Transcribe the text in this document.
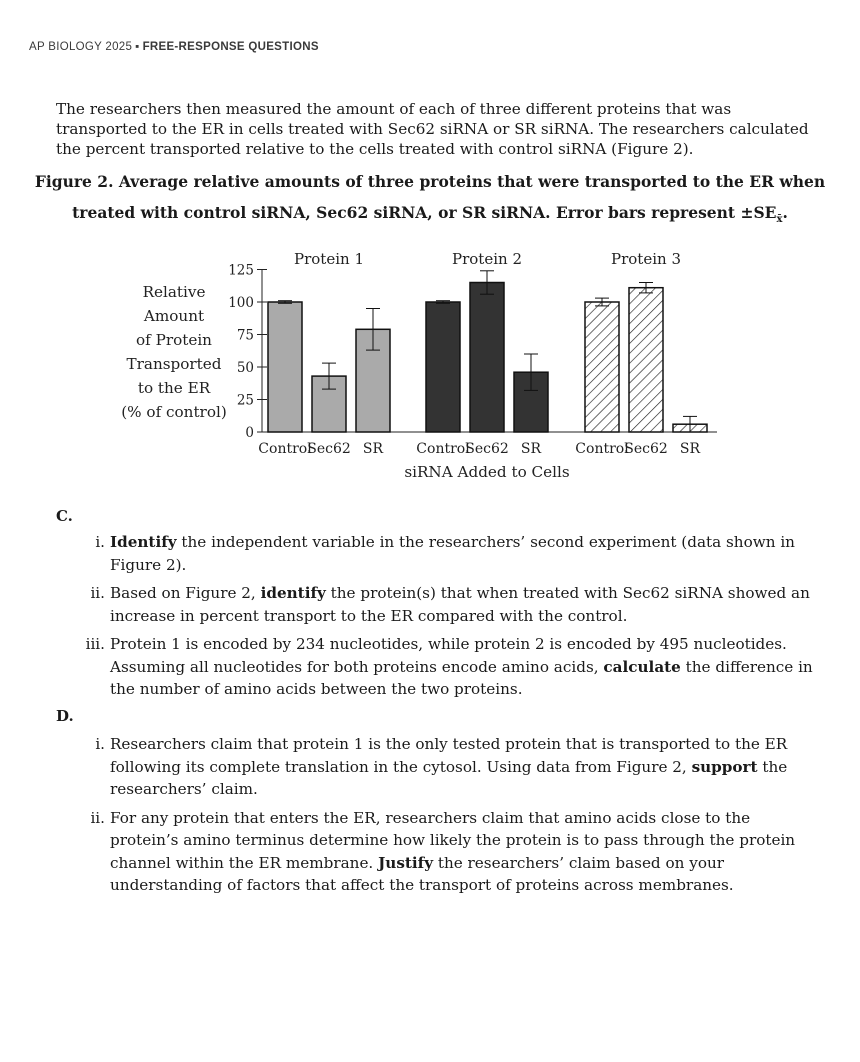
AP BIOLOGY 2025 ▪ FREE-RESPONSE QUESTIONS

The researchers then measured the amount of each of three different proteins that was transported to the ER in cells treated with Sec62 siRNA or SR siRNA. The researchers calculated the percent transported relative to the cells treated with control siRNA (Figure 2).

Figure 2. Average relative amounts of three proteins that were transported to the ER when
treated with control siRNA, Sec62 siRNA, or SR siRNA. Error bars represent $\pm SE_{x̄}$.
0
25
50
75
100
125
Relative
Amount
of Protein
Transported
to the ER
(% of control)
Control
Sec62 SR
Protein 1
Control
Sec62 SR
Protein 2
Control
Sec62 SR
Protein 3
siRNA Added to Cells
C.
i. Identify the independent variable in the researchers’ second experiment (data shown in Figure 2).
ii. Based on Figure 2, identify the protein(s) that when treated with Sec62 siRNA showed an increase in percent transport to the ER compared with the control.
iii. Protein 1 is encoded by 234 nucleotides, while protein 2 is encoded by 495 nucleotides. Assuming all nucleotides for both proteins encode amino acids, calculate the difference in the number of amino acids between the two proteins.
D.
i. Researchers claim that protein 1 is the only tested protein that is transported to the ER following its complete translation in the cytosol. Using data from Figure 2, support the researchers’ claim.
ii. For any protein that enters the ER, researchers claim that amino acids close to the protein’s amino terminus determine how likely the protein is to pass through the protein channel within the ER membrane. Justify the researchers’ claim based on your understanding of factors that affect the transport of proteins across membranes.
